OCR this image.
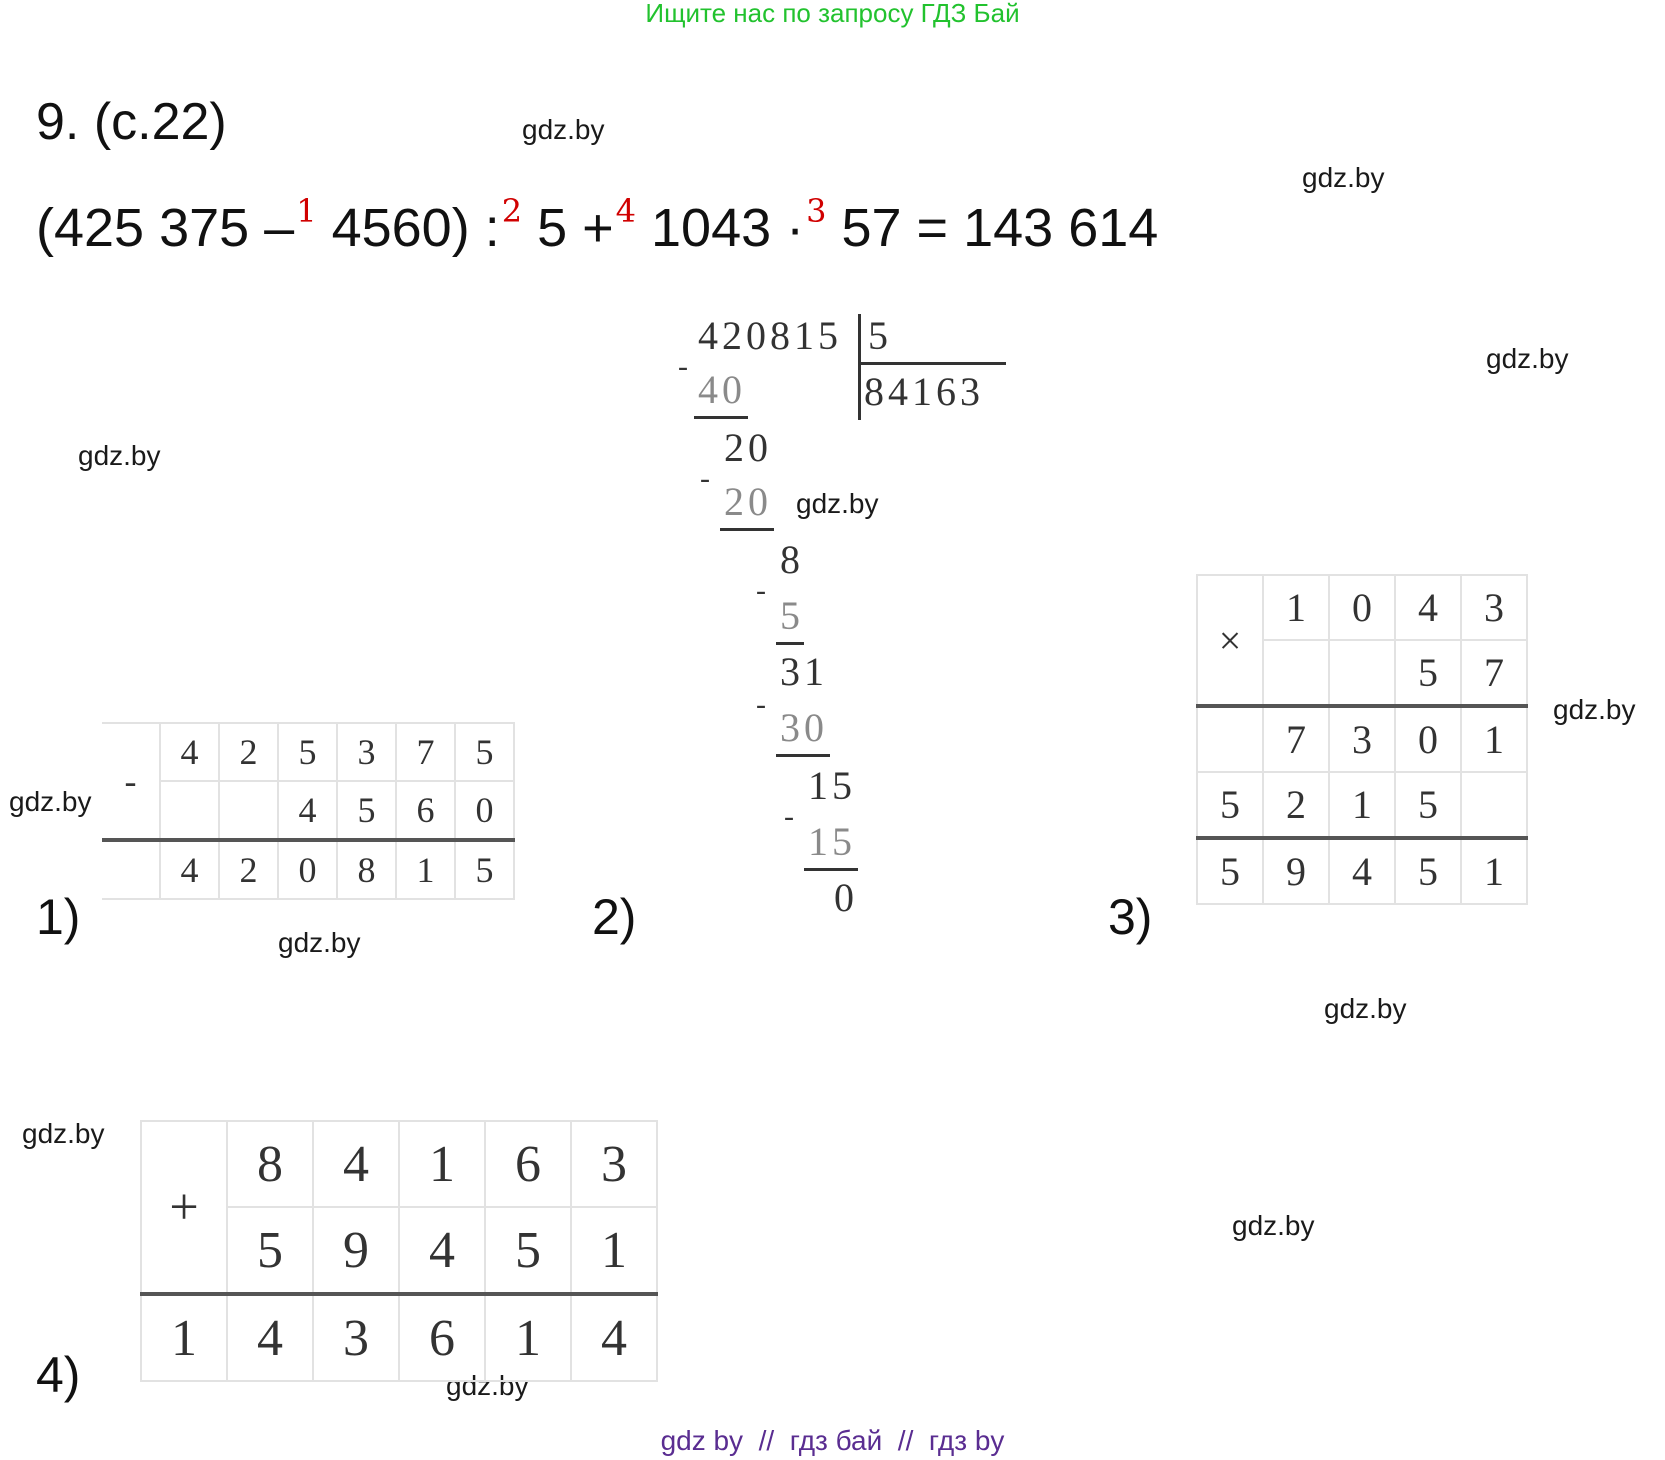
Ищите нас по запросу ГДЗ Бай
9. (с.22)
(425 375 –$^1$ 4560) :$^2$ 5 +$^4$ 1043 ·$^3$ 57 = 143 614
gdz.by
gdz.by
gdz.by
gdz.by
gdz.by
gdz.by
gdz.by
gdz.by
gdz.by
gdz.by
gdz.by
gdz.by
-	4	2	5	3	7	5
			4	5	6	0
	4	2	0	8	1	5
1)
420815 5
84163
-
40
20
-
20
8
-
5
31
-
30
15
-
15
0
2)
×	1	0	4	3
			5	7
	7	3	0	1
5	2	1	5	
5	9	4	5	1
3)
+	8	4	1	6	3
	5	9	4	5	1
1	4	3	6	1	4
4)
gdz by  //  гдз бай  //  гдз by
